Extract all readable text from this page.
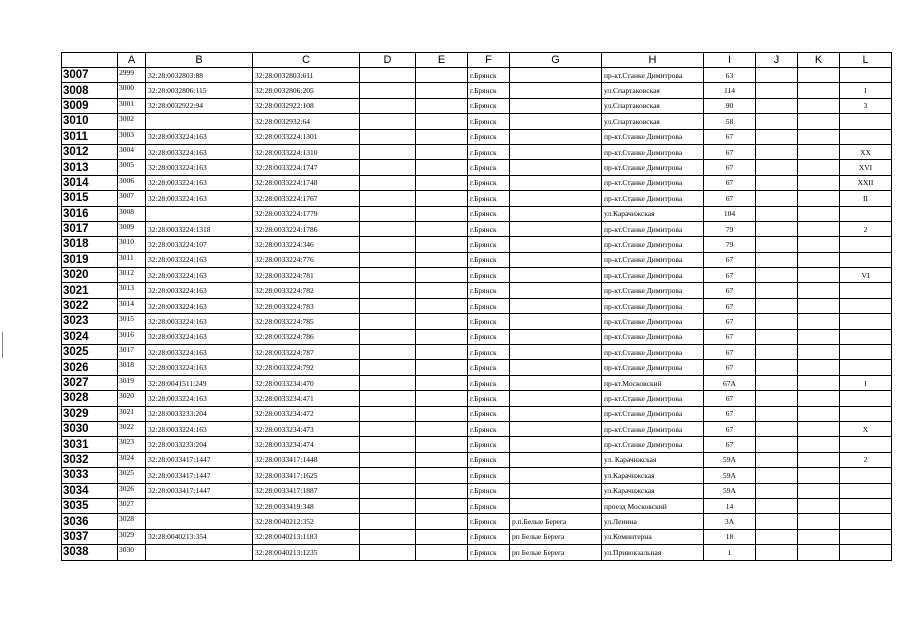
	A	B	C	D	E	F	G	H	I	J	K	L
3007	2999	32:28:0032803:88	32:28:0032803:611			г.Брянск		пр-кт.Станке Димитрова	63			
3008	3000	32:28:0032806:115	32:28:0032806:205			г.Брянск		ул.Спартаковская	114			I
3009	3001	32:28:0032922:94	32:28:0032922:108			г.Брянск		ул.Спартаковская	90			3
3010	3002		32:28:0032932:64			г.Брянск		ул.Спартаковская	58			
3011	3003	32:28:0033224:163	32:28:0033224:1301			г.Брянск		пр-кт.Станке Димитрова	67			
3012	3004	32:28:0033224:163	32:28:0033224:1310			г.Брянск		пр-кт.Станке Димитрова	67			XX
3013	3005	32:28:0033224:163	32:28:0033224:1747			г.Брянск		пр-кт.Станке Димитрова	67			XVI
3014	3006	32:28:0033224:163	32:28:0033224:1748			г.Брянск		пр-кт.Станке Димитрова	67			XXII
3015	3007	32:28:0033224:163	32:28:0033224:1767			г.Брянск		пр-кт.Станке Димитрова	67			II
3016	3008		32:28:0033224:1779			г.Брянск		ул.Карачижская	104			
3017	3009	32:28:0033224:1318	32:28:0033224:1786			г.Брянск		пр-кт.Станке Димитрова	79			2
3018	3010	32:28:0033224:107	32:28:0033224:346			г.Брянск		пр-кт.Станке Димитрова	79			
3019	3011	32:28:0033224:163	32:28:0033224:776			г.Брянск		пр-кт.Станке Димитрова	67			
3020	3012	32:28:0033224:163	32:28:0033224:781			г.Брянск		пр-кт.Станке Димитрова	67			VI
3021	3013	32:28:0033224:163	32:28:0033224:782			г.Брянск		пр-кт.Станке Димитрова	67			
3022	3014	32:28:0033224:163	32:28:0033224:783			г.Брянск		пр-кт.Станке Димитрова	67			
3023	3015	32:28:0033224:163	32:28:0033224:785			г.Брянск		пр-кт.Станке Димитрова	67			
3024	3016	32:28:0033224:163	32:28:0033224:786			г.Брянск		пр-кт.Станке Димитрова	67			
3025	3017	32:28:0033224:163	32:28:0033224:787			г.Брянск		пр-кт.Станке Димитрова	67			
3026	3018	32:28:0033224:163	32:28:0033224:792			г.Брянск		пр-кт.Станке Димитрова	67			
3027	3019	32:28:0041511:249	32:28:0033234:470			г.Брянск		пр-кт.Московский	67А			I
3028	3020	32:28:0033224:163	32:28:0033234:471			г.Брянск		пр-кт.Станке Димитрова	67			
3029	3021	32:28:0033233:204	32:28:0033234:472			г.Брянск		пр-кт.Станке Димитрова	67			
3030	3022	32:28:0033224:163	32:28:0033234:473			г.Брянск		пр-кт.Станке Димитрова	67			X
3031	3023	32:28:0033233:204	32:28:0033234:474			г.Брянск		пр-кт.Станке Димитрова	67			
3032	3024	32:28:0033417:1447	32:28:0033417:1448			г.Брянск		ул. Карачижская	59А			2
3033	3025	32:28:0033417:1447	32:28:0033417:1625			г.Брянск		ул.Карачижская	59А			
3034	3026	32:28:0033417:1447	32:28:0033417:1887			г.Брянск		ул.Карачижская	59А			
3035	3027		32:28:0033419:348			г.Брянск		проезд Московский	14			
3036	3028		32:28:0040212:352			г.Брянск	р.п.Белые Берега	ул.Ленина	3А			
3037	3029	32:28:0040213:354	32:28:0040213:1183			г.Брянск	рп Белые Берега	ул.Коминтерна	18			
3038	3030		32:28:0040213:1235			г.Брянск	рп Белые Берега	ул.Привокзальная	1			
